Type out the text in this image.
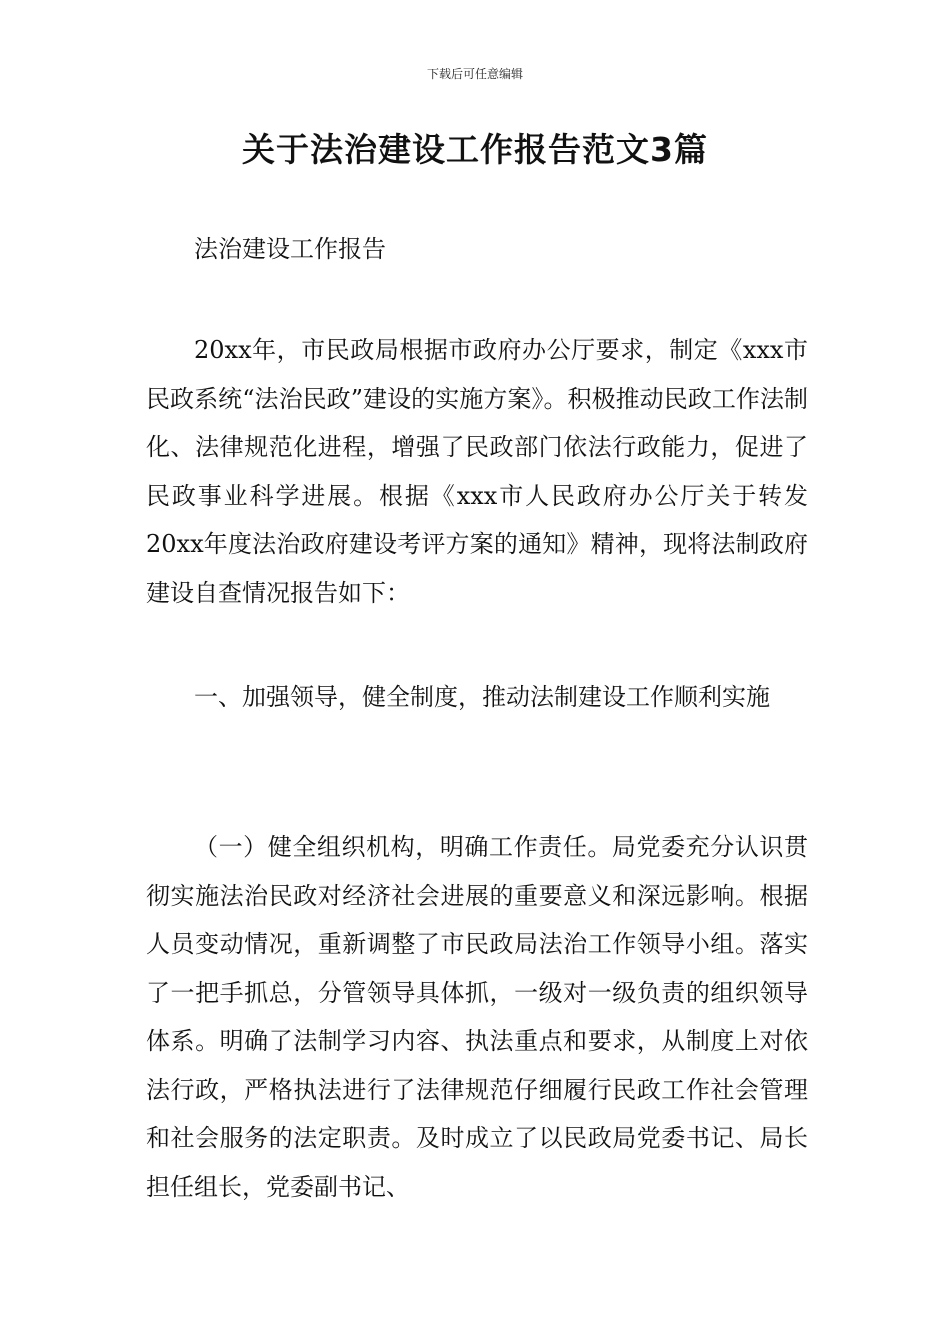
下载后可任意编辑
关于法治建设工作报告范文3篇

法治建设工作报告

20xx年，市民政局根据市政府办公厅要求，制定《xxx市民政系统“法治民政”建设的实施方案》。积极推动民政工作法制化、法律规范化进程，增强了民政部门依法行政能力，促进了民政事业科学进展。根据《xxx市人民政府办公厅关于转发20xx年度法治政府建设考评方案的通知》精神，现将法制政府建设自查情况报告如下：

一、加强领导，健全制度，推动法制建设工作顺利实施

（一）健全组织机构，明确工作责任。局党委充分认识贯彻实施法治民政对经济社会进展的重要意义和深远影响。根据人员变动情况，重新调整了市民政局法治工作领导小组。落实了一把手抓总，分管领导具体抓，一级对一级负责的组织领导体系。明确了法制学习内容、执法重点和要求，从制度上对依法行政，严格执法进行了法律规范仔细履行民政工作社会管理和社会服务的法定职责。及时成立了以民政局党委书记、局长担任组长，党委副书记、
